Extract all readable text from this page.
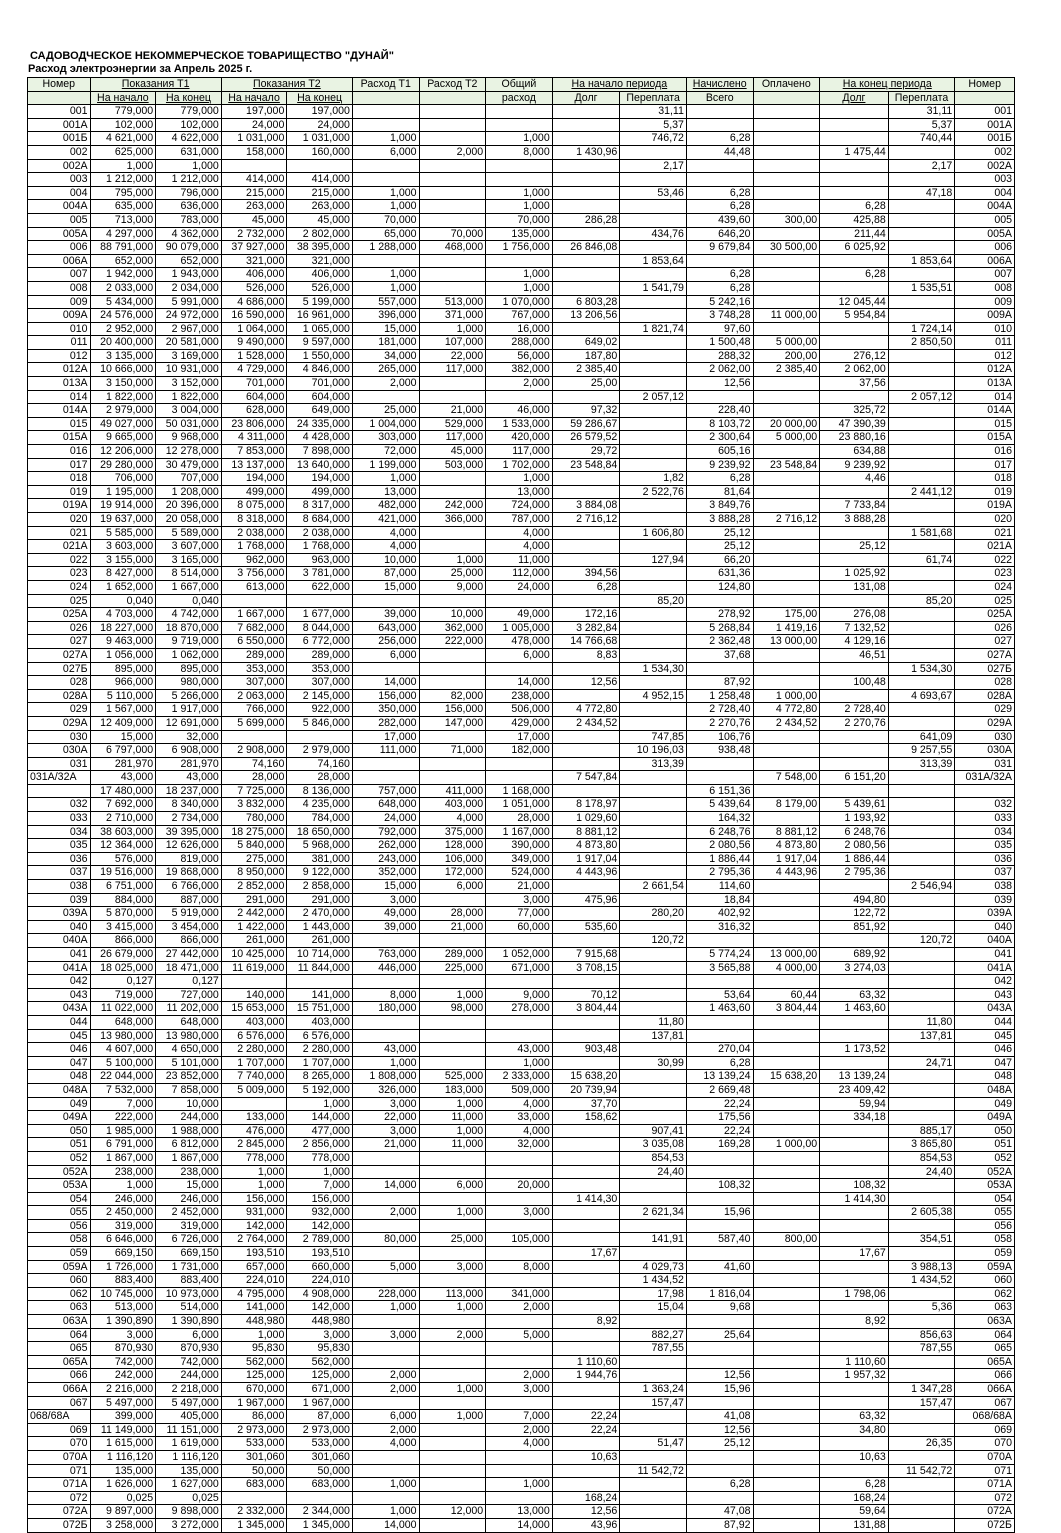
САДОВОДЧЕСКОЕ НЕКОММЕРЧЕСКОЕ ТОВАРИЩЕСТВО "ДУНАЙ"
Расход электроэнергии за Апрель 2025 г.
Номер	Показания Т1		Показания Т2		Расход Т1	Расход Т2	Общий	На начало периода		Начислено	Оплачено	На конец периода		Номер
	На начало	На конец	На начало	На конец			расход	Долг	Переплата	Всего		Долг	Переплата	
001	779,000	779,000	197,000	197,000					31,11				31,11	001
001А	102,000	102,000	24,000	24,000					5,37				5,37	001А
001Б	4 621,000	4 622,000	1 031,000	1 031,000	1,000		1,000		746,72	6,28			740,44	001Б
002	625,000	631,000	158,000	160,000	6,000	2,000	8,000	1 430,96		44,48		1 475,44		002
002А	1,000	1,000							2,17				2,17	002А
003	1 212,000	1 212,000	414,000	414,000										003
004	795,000	796,000	215,000	215,000	1,000		1,000		53,46	6,28			47,18	004
004А	635,000	636,000	263,000	263,000	1,000		1,000			6,28		6,28		004А
005	713,000	783,000	45,000	45,000	70,000		70,000	286,28		439,60	300,00	425,88		005
005А	4 297,000	4 362,000	2 732,000	2 802,000	65,000	70,000	135,000		434,76	646,20		211,44		005А
006	88 791,000	90 079,000	37 927,000	38 395,000	1 288,000	468,000	1 756,000	26 846,08		9 679,84	30 500,00	6 025,92		006
006А	652,000	652,000	321,000	321,000					1 853,64				1 853,64	006А
007	1 942,000	1 943,000	406,000	406,000	1,000		1,000			6,28		6,28		007
008	2 033,000	2 034,000	526,000	526,000	1,000		1,000		1 541,79	6,28			1 535,51	008
009	5 434,000	5 991,000	4 686,000	5 199,000	557,000	513,000	1 070,000	6 803,28		5 242,16		12 045,44		009
009А	24 576,000	24 972,000	16 590,000	16 961,000	396,000	371,000	767,000	13 206,56		3 748,28	11 000,00	5 954,84		009А
010	2 952,000	2 967,000	1 064,000	1 065,000	15,000	1,000	16,000		1 821,74	97,60			1 724,14	010
011	20 400,000	20 581,000	9 490,000	9 597,000	181,000	107,000	288,000	649,02		1 500,48	5 000,00		2 850,50	011
012	3 135,000	3 169,000	1 528,000	1 550,000	34,000	22,000	56,000	187,80		288,32	200,00	276,12		012
012А	10 666,000	10 931,000	4 729,000	4 846,000	265,000	117,000	382,000	2 385,40		2 062,00	2 385,40	2 062,00		012А
013А	3 150,000	3 152,000	701,000	701,000	2,000		2,000	25,00		12,56		37,56		013А
014	1 822,000	1 822,000	604,000	604,000					2 057,12				2 057,12	014
014А	2 979,000	3 004,000	628,000	649,000	25,000	21,000	46,000	97,32		228,40		325,72		014А
015	49 027,000	50 031,000	23 806,000	24 335,000	1 004,000	529,000	1 533,000	59 286,67		8 103,72	20 000,00	47 390,39		015
015А	9 665,000	9 968,000	4 311,000	4 428,000	303,000	117,000	420,000	26 579,52		2 300,64	5 000,00	23 880,16		015А
016	12 206,000	12 278,000	7 853,000	7 898,000	72,000	45,000	117,000	29,72		605,16		634,88		016
017	29 280,000	30 479,000	13 137,000	13 640,000	1 199,000	503,000	1 702,000	23 548,84		9 239,92	23 548,84	9 239,92		017
018	706,000	707,000	194,000	194,000	1,000		1,000		1,82	6,28		4,46		018
019	1 195,000	1 208,000	499,000	499,000	13,000		13,000		2 522,76	81,64			2 441,12	019
019А	19 914,000	20 396,000	8 075,000	8 317,000	482,000	242,000	724,000	3 884,08		3 849,76		7 733,84		019А
020	19 637,000	20 058,000	8 318,000	8 684,000	421,000	366,000	787,000	2 716,12		3 888,28	2 716,12	3 888,28		020
021	5 585,000	5 589,000	2 038,000	2 038,000	4,000		4,000		1 606,80	25,12			1 581,68	021
021А	3 603,000	3 607,000	1 768,000	1 768,000	4,000		4,000			25,12		25,12		021А
022	3 155,000	3 165,000	962,000	963,000	10,000	1,000	11,000		127,94	66,20			61,74	022
023	8 427,000	8 514,000	3 756,000	3 781,000	87,000	25,000	112,000	394,56		631,36		1 025,92		023
024	1 652,000	1 667,000	613,000	622,000	15,000	9,000	24,000	6,28		124,80		131,08		024
025	0,040	0,040							85,20				85,20	025
025А	4 703,000	4 742,000	1 667,000	1 677,000	39,000	10,000	49,000	172,16		278,92	175,00	276,08		025А
026	18 227,000	18 870,000	7 682,000	8 044,000	643,000	362,000	1 005,000	3 282,84		5 268,84	1 419,16	7 132,52		026
027	9 463,000	9 719,000	6 550,000	6 772,000	256,000	222,000	478,000	14 766,68		2 362,48	13 000,00	4 129,16		027
027А	1 056,000	1 062,000	289,000	289,000	6,000		6,000	8,83		37,68		46,51		027А
027Б	895,000	895,000	353,000	353,000					1 534,30				1 534,30	027Б
028	966,000	980,000	307,000	307,000	14,000		14,000	12,56		87,92		100,48		028
028А	5 110,000	5 266,000	2 063,000	2 145,000	156,000	82,000	238,000		4 952,15	1 258,48	1 000,00		4 693,67	028А
029	1 567,000	1 917,000	766,000	922,000	350,000	156,000	506,000	4 772,80		2 728,40	4 772,80	2 728,40		029
029А	12 409,000	12 691,000	5 699,000	5 846,000	282,000	147,000	429,000	2 434,52		2 270,76	2 434,52	2 270,76		029А
030	15,000	32,000			17,000		17,000		747,85	106,76			641,09	030
030А	6 797,000	6 908,000	2 908,000	2 979,000	111,000	71,000	182,000		10 196,03	938,48			9 257,55	030А
031	281,970	281,970	74,160	74,160					313,39				313,39	031
031А/32А	43,000	43,000	28,000	28,000				7 547,84			7 548,00	6 151,20		031А/32А
	17 480,000	18 237,000	7 725,000	8 136,000	757,000	411,000	1 168,000			6 151,36				
032	7 692,000	8 340,000	3 832,000	4 235,000	648,000	403,000	1 051,000	8 178,97		5 439,64	8 179,00	5 439,61		032
033	2 710,000	2 734,000	780,000	784,000	24,000	4,000	28,000	1 029,60		164,32		1 193,92		033
034	38 603,000	39 395,000	18 275,000	18 650,000	792,000	375,000	1 167,000	8 881,12		6 248,76	8 881,12	6 248,76		034
035	12 364,000	12 626,000	5 840,000	5 968,000	262,000	128,000	390,000	4 873,80		2 080,56	4 873,80	2 080,56		035
036	576,000	819,000	275,000	381,000	243,000	106,000	349,000	1 917,04		1 886,44	1 917,04	1 886,44		036
037	19 516,000	19 868,000	8 950,000	9 122,000	352,000	172,000	524,000	4 443,96		2 795,36	4 443,96	2 795,36		037
038	6 751,000	6 766,000	2 852,000	2 858,000	15,000	6,000	21,000		2 661,54	114,60			2 546,94	038
039	884,000	887,000	291,000	291,000	3,000		3,000	475,96		18,84		494,80		039
039А	5 870,000	5 919,000	2 442,000	2 470,000	49,000	28,000	77,000		280,20	402,92		122,72		039А
040	3 415,000	3 454,000	1 422,000	1 443,000	39,000	21,000	60,000	535,60		316,32		851,92		040
040А	866,000	866,000	261,000	261,000					120,72				120,72	040А
041	26 679,000	27 442,000	10 425,000	10 714,000	763,000	289,000	1 052,000	7 915,68		5 774,24	13 000,00	689,92		041
041А	18 025,000	18 471,000	11 619,000	11 844,000	446,000	225,000	671,000	3 708,15		3 565,88	4 000,00	3 274,03		041А
042	0,127	0,127												042
043	719,000	727,000	140,000	141,000	8,000	1,000	9,000	70,12		53,64	60,44	63,32		043
043А	11 022,000	11 202,000	15 653,000	15 751,000	180,000	98,000	278,000	3 804,44		1 463,60	3 804,44	1 463,60		043А
044	648,000	648,000	403,000	403,000					11,80				11,80	044
045	13 980,000	13 980,000	6 576,000	6 576,000					137,81				137,81	045
046	4 607,000	4 650,000	2 280,000	2 280,000	43,000		43,000	903,48		270,04		1 173,52		046
047	5 100,000	5 101,000	1 707,000	1 707,000	1,000		1,000		30,99	6,28			24,71	047
048	22 044,000	23 852,000	7 740,000	8 265,000	1 808,000	525,000	2 333,000	15 638,20		13 139,24	15 638,20	13 139,24		048
048А	7 532,000	7 858,000	5 009,000	5 192,000	326,000	183,000	509,000	20 739,94		2 669,48		23 409,42		048А
049	7,000	10,000		1,000	3,000	1,000	4,000	37,70		22,24		59,94		049
049А	222,000	244,000	133,000	144,000	22,000	11,000	33,000	158,62		175,56		334,18		049А
050	1 985,000	1 988,000	476,000	477,000	3,000	1,000	4,000		907,41	22,24			885,17	050
051	6 791,000	6 812,000	2 845,000	2 856,000	21,000	11,000	32,000		3 035,08	169,28	1 000,00		3 865,80	051
052	1 867,000	1 867,000	778,000	778,000					854,53				854,53	052
052А	238,000	238,000	1,000	1,000					24,40				24,40	052А
053А	1,000	15,000	1,000	7,000	14,000	6,000	20,000			108,32		108,32		053А
054	246,000	246,000	156,000	156,000				1 414,30				1 414,30		054
055	2 450,000	2 452,000	931,000	932,000	2,000	1,000	3,000		2 621,34	15,96			2 605,38	055
056	319,000	319,000	142,000	142,000										056
058	6 646,000	6 726,000	2 764,000	2 789,000	80,000	25,000	105,000		141,91	587,40	800,00		354,51	058
059	669,150	669,150	193,510	193,510				17,67				17,67		059
059А	1 726,000	1 731,000	657,000	660,000	5,000	3,000	8,000		4 029,73	41,60			3 988,13	059А
060	883,400	883,400	224,010	224,010					1 434,52				1 434,52	060
062	10 745,000	10 973,000	4 795,000	4 908,000	228,000	113,000	341,000		17,98	1 816,04		1 798,06		062
063	513,000	514,000	141,000	142,000	1,000	1,000	2,000		15,04	9,68			5,36	063
063А	1 390,890	1 390,890	448,980	448,980				8,92				8,92		063А
064	3,000	6,000	1,000	3,000	3,000	2,000	5,000		882,27	25,64			856,63	064
065	870,930	870,930	95,830	95,830					787,55				787,55	065
065А	742,000	742,000	562,000	562,000				1 110,60				1 110,60		065А
066	242,000	244,000	125,000	125,000	2,000		2,000	1 944,76		12,56		1 957,32		066
066А	2 216,000	2 218,000	670,000	671,000	2,000	1,000	3,000		1 363,24	15,96			1 347,28	066А
067	5 497,000	5 497,000	1 967,000	1 967,000					157,47				157,47	067
068/68А	399,000	405,000	86,000	87,000	6,000	1,000	7,000	22,24		41,08		63,32		068/68А
069	11 149,000	11 151,000	2 973,000	2 973,000	2,000		2,000	22,24		12,56		34,80		069
070	1 615,000	1 619,000	533,000	533,000	4,000		4,000		51,47	25,12			26,35	070
070А	1 116,120	1 116,120	301,060	301,060				10,63				10,63		070А
071	135,000	135,000	50,000	50,000					11 542,72				11 542,72	071
071А	1 626,000	1 627,000	683,000	683,000	1,000		1,000			6,28		6,28		071А
072	0,025	0,025						168,24				168,24		072
072А	9 897,000	9 898,000	2 332,000	2 344,000	1,000	12,000	13,000	12,56		47,08		59,64		072А
072Б	3 258,000	3 272,000	1 345,000	1 345,000	14,000		14,000	43,96		87,92		131,88		072Б
